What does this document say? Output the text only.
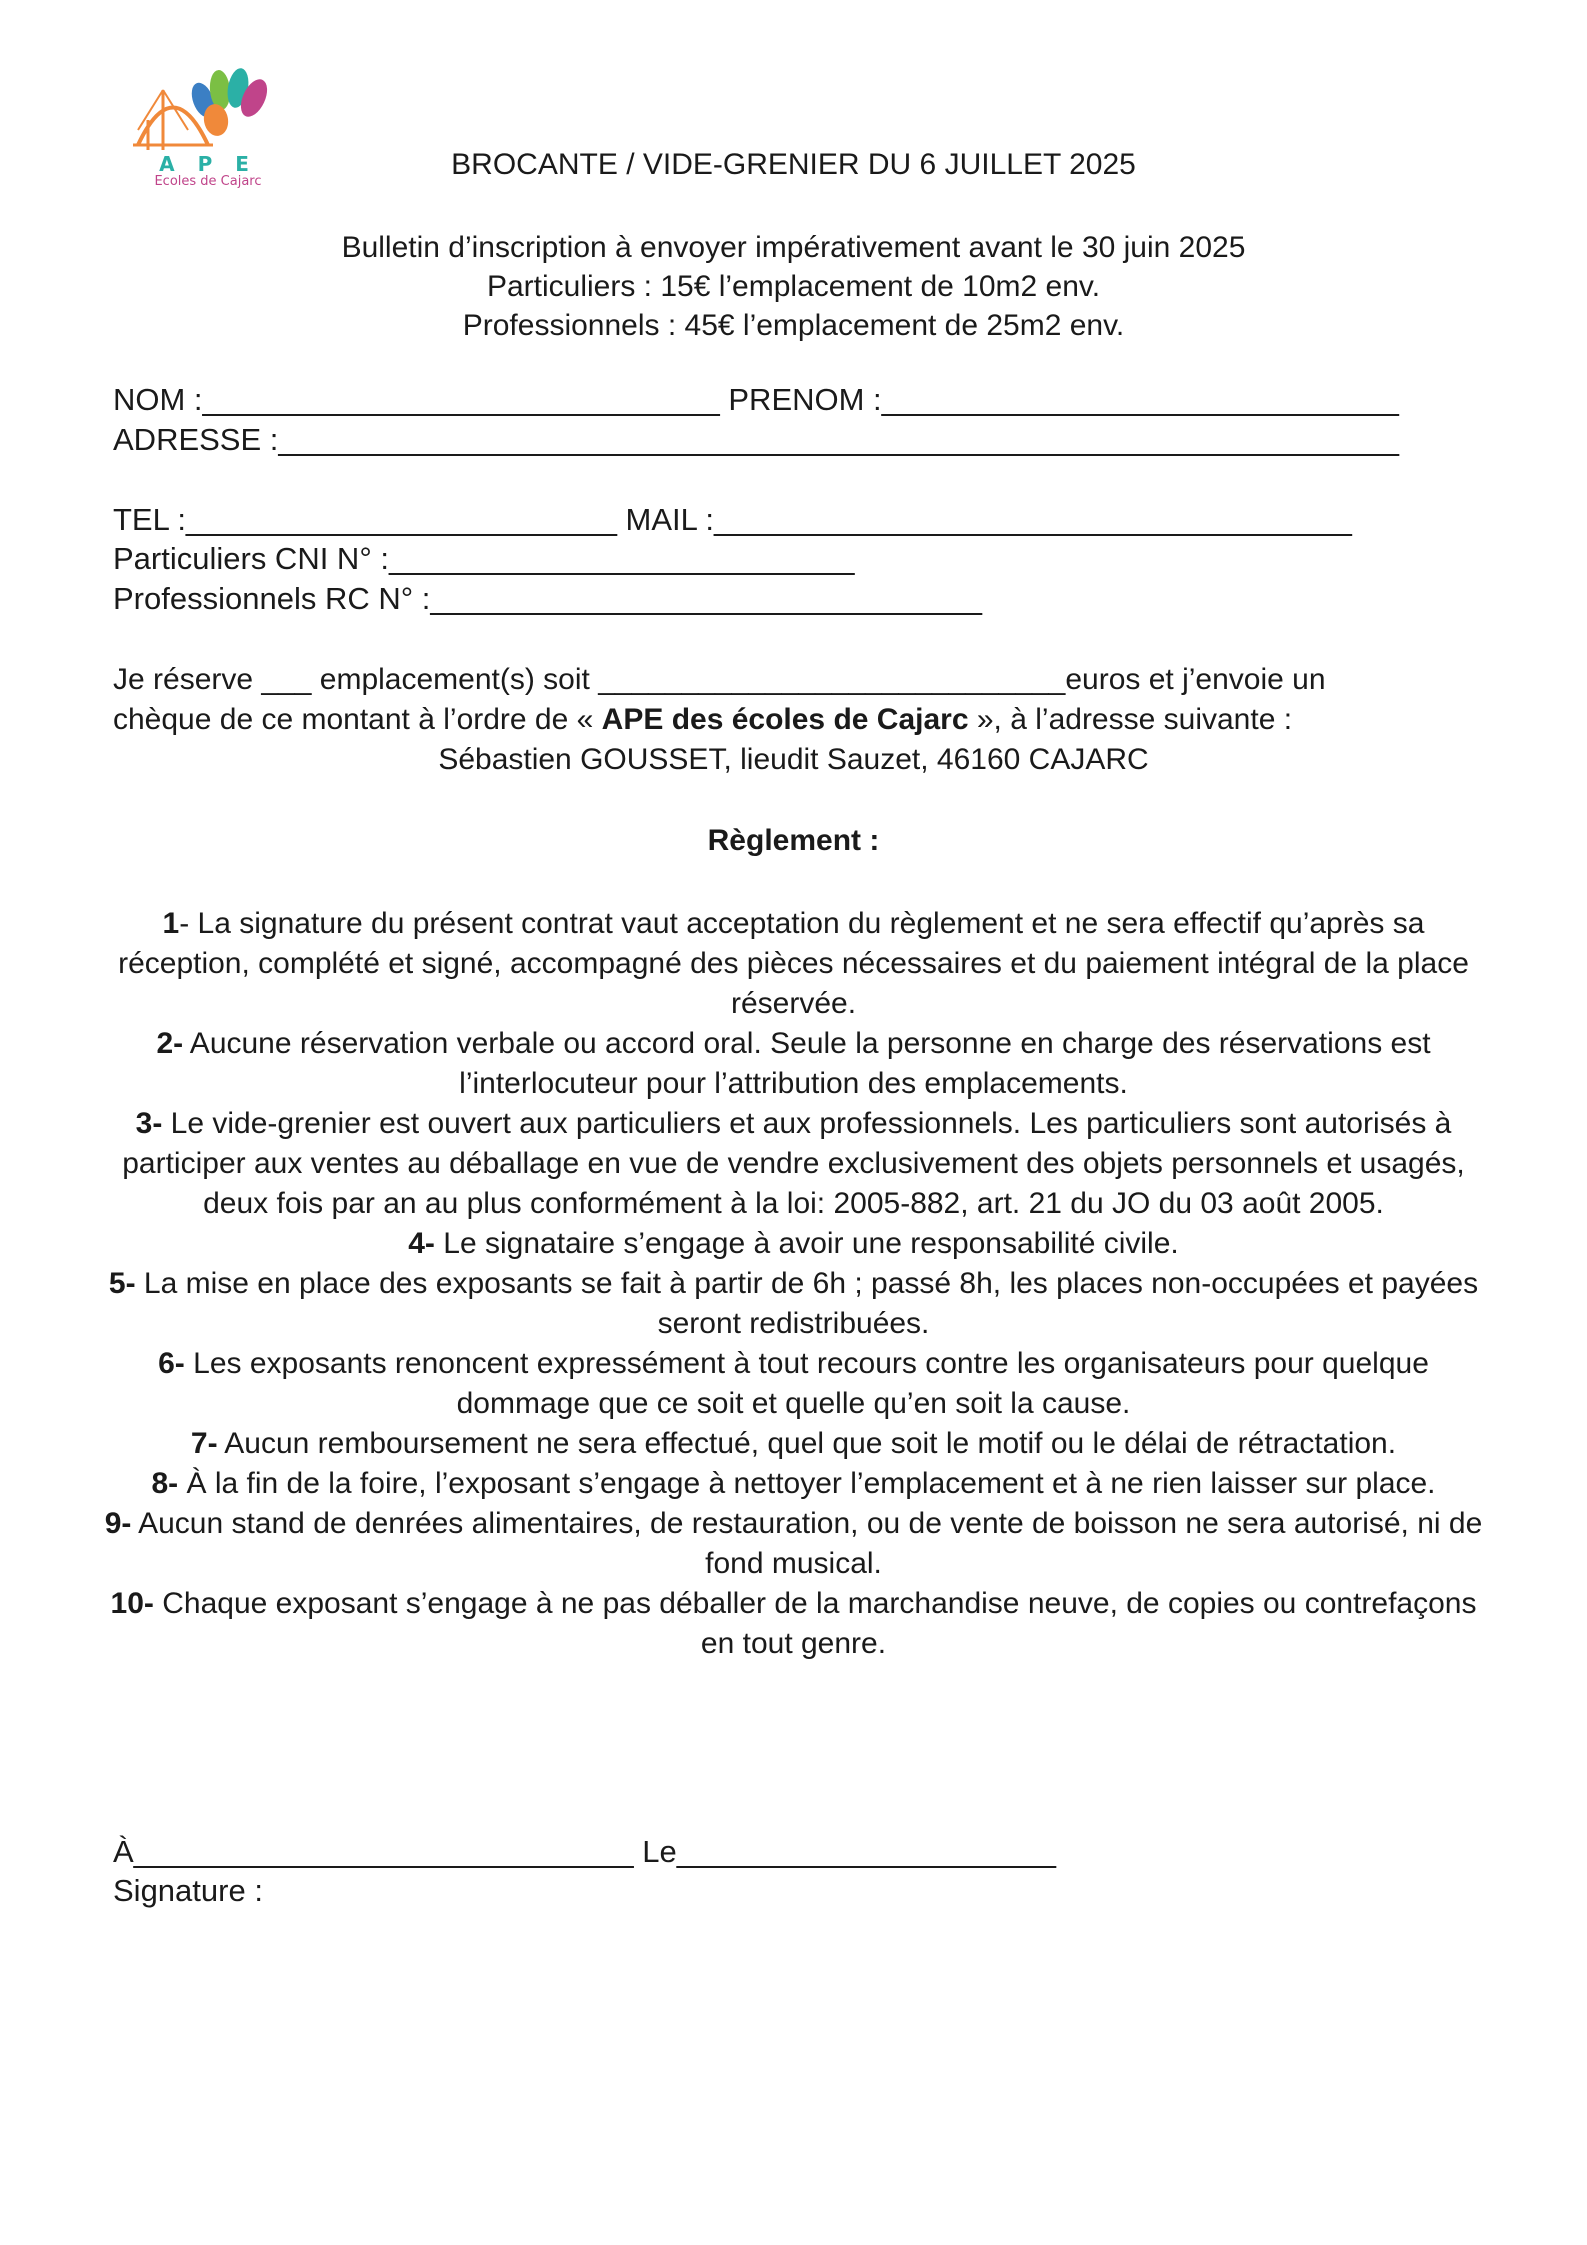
A P E
Ecoles de Cajarc
BROCANTE / VIDE-GRENIER DU 6 JUILLET 2025
Bulletin d’inscription à envoyer impérativement avant le 30 juin 2025
Particuliers : 15€ l’emplacement de 10m2 env.
Professionnels : 45€ l’emplacement de 25m2 env.
NOM :______________________________ PRENOM :______________________________
ADRESSE :_________________________________________________________________
TEL :_________________________ MAIL :_____________________________________
Particuliers CNI N° :___________________________
Professionnels RC N° :________________________________
Je réserve ___ emplacement(s) soit ____________________________euros et j’envoie un
chèque de ce montant à l’ordre de « APE des écoles de Cajarc », à l’adresse suivante :
Sébastien GOUSSET, lieudit Sauzet, 46160 CAJARC
Règlement :

1- La signature du présent contrat vaut acceptation du règlement et ne sera effectif qu’après sa réception, complété et signé, accompagné des pièces nécessaires et du paiement intégral de la place réservée.

2- Aucune réservation verbale ou accord oral. Seule la personne en charge des réservations est l’interlocuteur pour l’attribution des emplacements.

3- Le vide-grenier est ouvert aux particuliers et aux professionnels. Les particuliers sont autorisés à participer aux ventes au déballage en vue de vendre exclusivement des objets personnels et usagés, deux fois par an au plus conformément à la loi: 2005-882, art. 21 du JO du 03 août 2005.

4- Le signataire s’engage à avoir une responsabilité civile.

5- La mise en place des exposants se fait à partir de 6h ; passé 8h, les places non-occupées et payées seront redistribuées.

6- Les exposants renoncent expressément à tout recours contre les organisateurs pour quelque dommage que ce soit et quelle qu’en soit la cause.

7- Aucun remboursement ne sera effectué, quel que soit le motif ou le délai de rétractation.

8- À la fin de la foire, l’exposant s’engage à nettoyer l’emplacement et à ne rien laisser sur place.

9- Aucun stand de denrées alimentaires, de restauration, ou de vente de boisson ne sera autorisé, ni de fond musical.

10- Chaque exposant s’engage à ne pas déballer de la marchandise neuve, de copies ou contrefaçons en tout genre.

À_____________________________ Le______________________
Signature :
